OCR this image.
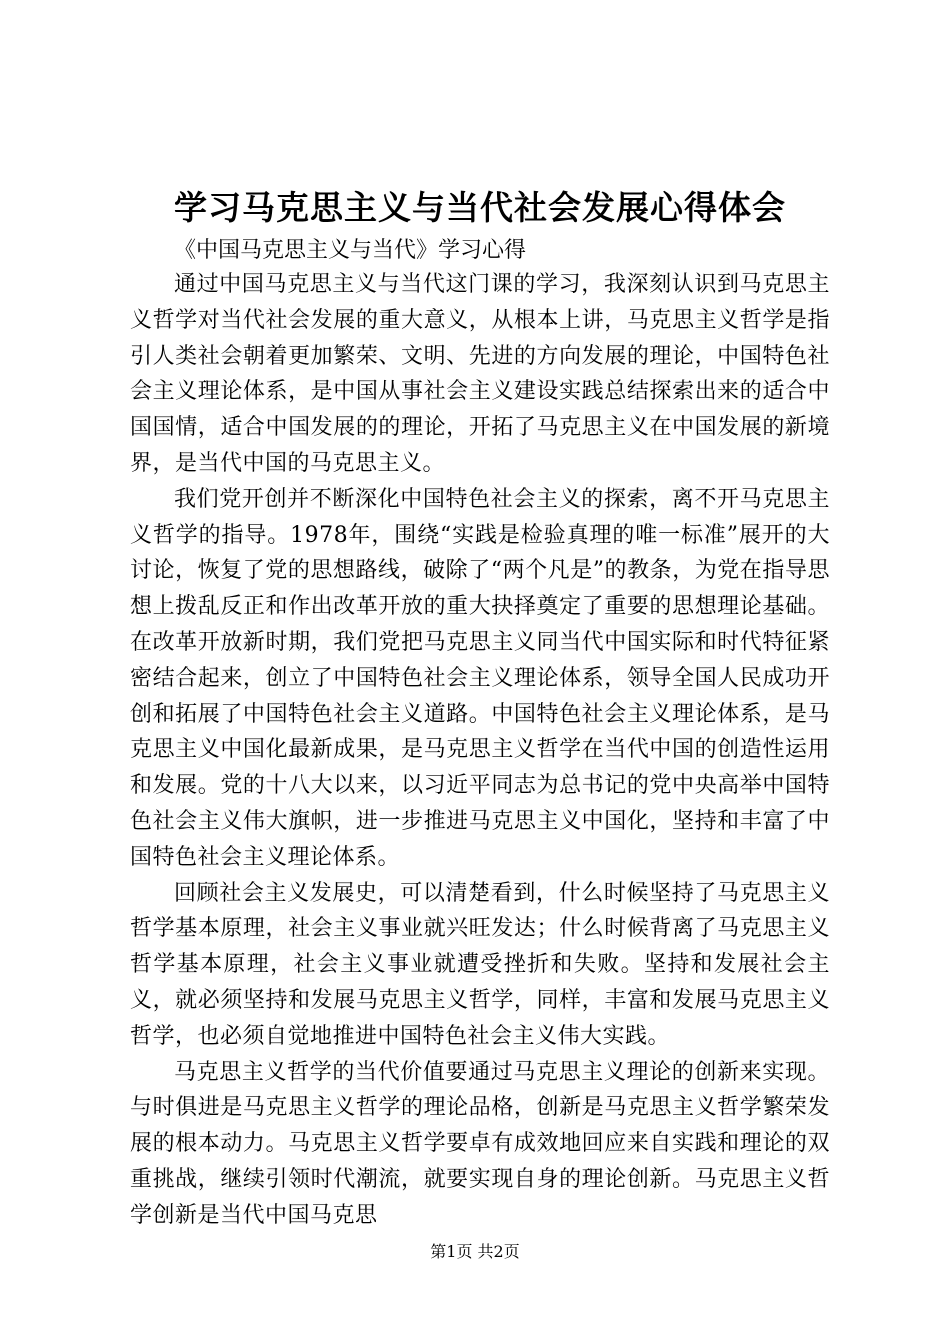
学习马克思主义与当代社会发展心得体会

《中国马克思主义与当代》学习心得

通过中国马克思主义与当代这门课的学习，我深刻认识到马克思主义哲学对当代社会发展的重大意义，从根本上讲，马克思主义哲学是指引人类社会朝着更加繁荣、文明、先进的方向发展的理论，中国特色社会主义理论体系，是中国从事社会主义建设实践总结探索出来的适合中国国情，适合中国发展的的理论，开拓了马克思主义在中国发展的新境界，是当代中国的马克思主义。

我们党开创并不断深化中国特色社会主义的探索，离不开马克思主义哲学的指导。1978年，围绕“实践是检验真理的唯一标准”展开的大讨论，恢复了党的思想路线，破除了“两个凡是”的教条，为党在指导思想上拨乱反正和作出改革开放的重大抉择奠定了重要的思想理论基础。在改革开放新时期，我们党把马克思主义同当代中国实际和时代特征紧密结合起来，创立了中国特色社会主义理论体系，领导全国人民成功开创和拓展了中国特色社会主义道路。中国特色社会主义理论体系，是马克思主义中国化最新成果，是马克思主义哲学在当代中国的创造性运用和发展。党的十八大以来，以习近平同志为总书记的党中央高举中国特色社会主义伟大旗帜，进一步推进马克思主义中国化，坚持和丰富了中国特色社会主义理论体系。

回顾社会主义发展史，可以清楚看到，什么时候坚持了马克思主义哲学基本原理，社会主义事业就兴旺发达；什么时候背离了马克思主义哲学基本原理，社会主义事业就遭受挫折和失败。坚持和发展社会主义，就必须坚持和发展马克思主义哲学，同样，丰富和发展马克思主义哲学，也必须自觉地推进中国特色社会主义伟大实践。

马克思主义哲学的当代价值要通过马克思主义理论的创新来实现。与时俱进是马克思主义哲学的理论品格，创新是马克思主义哲学繁荣发展的根本动力。马克思主义哲学要卓有成效地回应来自实践和理论的双重挑战，继续引领时代潮流，就要实现自身的理论创新。马克思主义哲学创新是当代中国马克思

第1页 共2页
